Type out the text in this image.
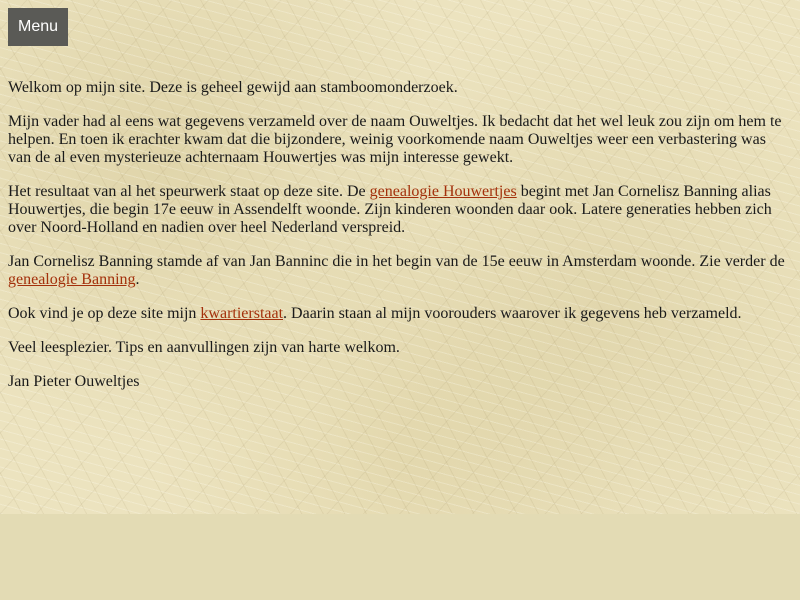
Menu

Welkom op mijn site. Deze is geheel gewijd aan stamboomonderzoek.

Mijn vader had al eens wat gegevens verzameld over de naam Ouweltjes. Ik bedacht dat het wel leuk zou zijn om hem te helpen. En toen ik erachter kwam dat die bijzondere, weinig voorkomende naam Ouweltjes weer een verbastering was van de al even mysterieuze achternaam Houwertjes was mijn interesse gewekt.

Het resultaat van al het speurwerk staat op deze site. De genealogie Houwertjes begint met Jan Cornelisz Banning alias Houwertjes, die begin 17e eeuw in Assendelft woonde. Zijn kinderen woonden daar ook. Latere generaties hebben zich over Noord-Holland en nadien over heel Nederland verspreid.

Jan Cornelisz Banning stamde af van Jan Banninc die in het begin van de 15e eeuw in Amsterdam woonde. Zie verder de genealogie Banning.

Ook vind je op deze site mijn kwartierstaat. Daarin staan al mijn voorouders waarover ik gegevens heb verzameld.

Veel leesplezier. Tips en aanvullingen zijn van harte welkom.

Jan Pieter Ouweltjes
